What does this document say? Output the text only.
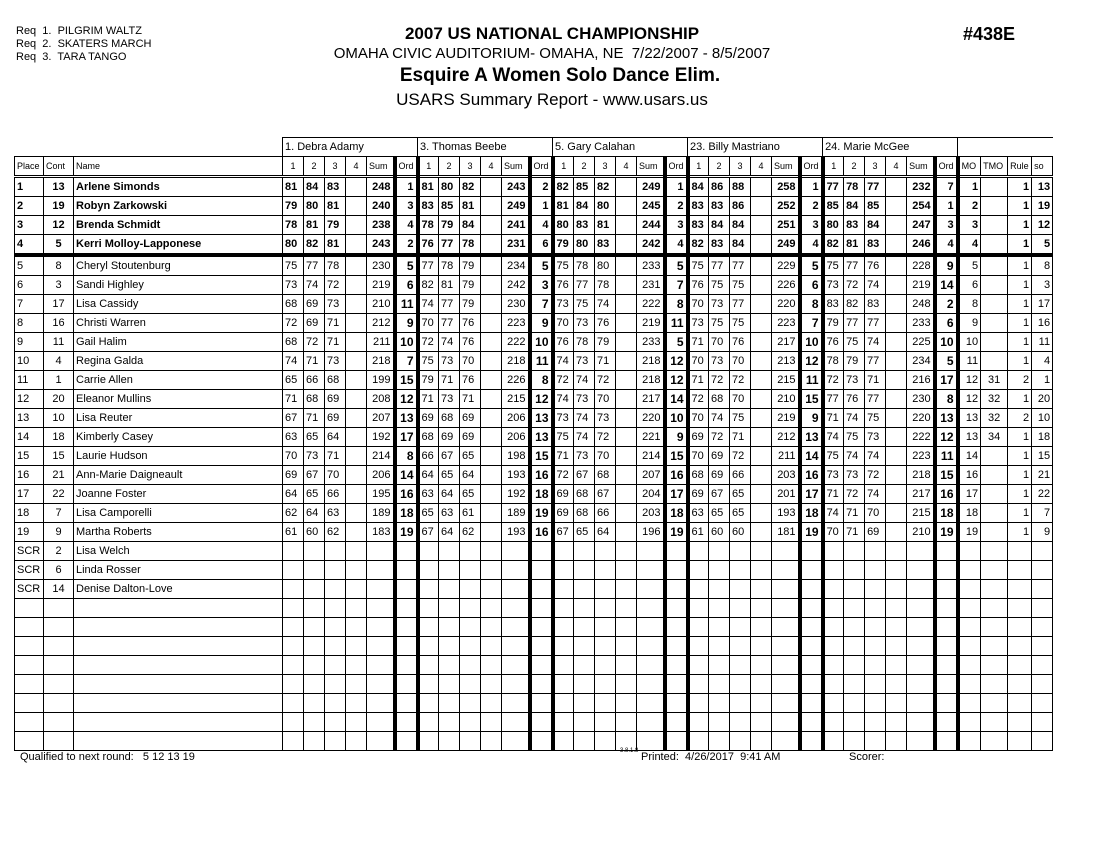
Req  1.  PILGRIM WALTZ
Req  2.  SKATERS MARCH
Req  3.  TARA TANGO
2007 US NATIONAL CHAMPIONSHIP
OMAHA CIVIC AUDITORIUM- OMAHA, NE  7/22/2007 - 8/5/2007
Esquire A Women Solo Dance Elim.
USARS Summary Report - www.usars.us
#438E
			1. Debra Adamy						3. Thomas Beebe						5. Gary Calahan						23. Billy Mastriano						24. Marie McGee									
Place	Cont	Name	1	2	3	4	Sum	Ord	1	2	3	4	Sum	Ord	1	2	3	4	Sum	Ord	1	2	3	4	Sum	Ord	1	2	3	4	Sum	Ord	MO	TMO	Rule	so
1	13	Arlene Simonds	81	84	83		248	1	81	80	82		243	2	82	85	82		249	1	84	86	88		258	1	77	78	77		232	7	1		1	13
2	19	Robyn Zarkowski	79	80	81		240	3	83	85	81		249	1	81	84	80		245	2	83	83	86		252	2	85	84	85		254	1	2		1	19
3	12	Brenda Schmidt	78	81	79		238	4	78	79	84		241	4	80	83	81		244	3	83	84	84		251	3	80	83	84		247	3	3		1	12
4	5	Kerri Molloy-Lapponese	80	82	81		243	2	76	77	78		231	6	79	80	83		242	4	82	83	84		249	4	82	81	83		246	4	4		1	5
5	8	Cheryl Stoutenburg	75	77	78		230	5	77	78	79		234	5	75	78	80		233	5	75	77	77		229	5	75	77	76		228	9	5		1	8
6	3	Sandi Highley	73	74	72		219	6	82	81	79		242	3	76	77	78		231	7	76	75	75		226	6	73	72	74		219	14	6		1	3
7	17	Lisa Cassidy	68	69	73		210	11	74	77	79		230	7	73	75	74		222	8	70	73	77		220	8	83	82	83		248	2	8		1	17
8	16	Christi Warren	72	69	71		212	9	70	77	76		223	9	70	73	76		219	11	73	75	75		223	7	79	77	77		233	6	9		1	16
9	11	Gail Halim	68	72	71		211	10	72	74	76		222	10	76	78	79		233	5	71	70	76		217	10	76	75	74		225	10	10		1	11
10	4	Regina Galda	74	71	73		218	7	75	73	70		218	11	74	73	71		218	12	70	73	70		213	12	78	79	77		234	5	11		1	4
11	1	Carrie Allen	65	66	68		199	15	79	71	76		226	8	72	74	72		218	12	71	72	72		215	11	72	73	71		216	17	12	31	2	1
12	20	Eleanor Mullins	71	68	69		208	12	71	73	71		215	12	74	73	70		217	14	72	68	70		210	15	77	76	77		230	8	12	32	1	20
13	10	Lisa Reuter	67	71	69		207	13	69	68	69		206	13	73	74	73		220	10	70	74	75		219	9	71	74	75		220	13	13	32	2	10
14	18	Kimberly Casey	63	65	64		192	17	68	69	69		206	13	75	74	72		221	9	69	72	71		212	13	74	75	73		222	12	13	34	1	18
15	15	Laurie Hudson	70	73	71		214	8	66	67	65		198	15	71	73	70		214	15	70	69	72		211	14	75	74	74		223	11	14		1	15
16	21	Ann-Marie Daigneault	69	67	70		206	14	64	65	64		193	16	72	67	68		207	16	68	69	66		203	16	73	73	72		218	15	16		1	21
17	22	Joanne Foster	64	65	66		195	16	63	64	65		192	18	69	68	67		204	17	69	67	65		201	17	71	72	74		217	16	17		1	22
18	7	Lisa Camporelli	62	64	63		189	18	65	63	61		189	19	69	68	66		203	18	63	65	65		193	18	74	71	70		215	18	18		1	7
19	9	Martha Roberts	61	60	62		183	19	67	64	62		193	16	67	65	64		196	19	61	60	60		181	19	70	71	69		210	19	19		1	9
SCR	2	Lisa Welch																																		
SCR	6	Linda Rosser																																		
SCR	14	Denise Dalton-Love																																		

Qualified to next round:   5 12 13 19	3.8.1.8 Printed:  4/26/2017  9:41 AM	Scorer:
